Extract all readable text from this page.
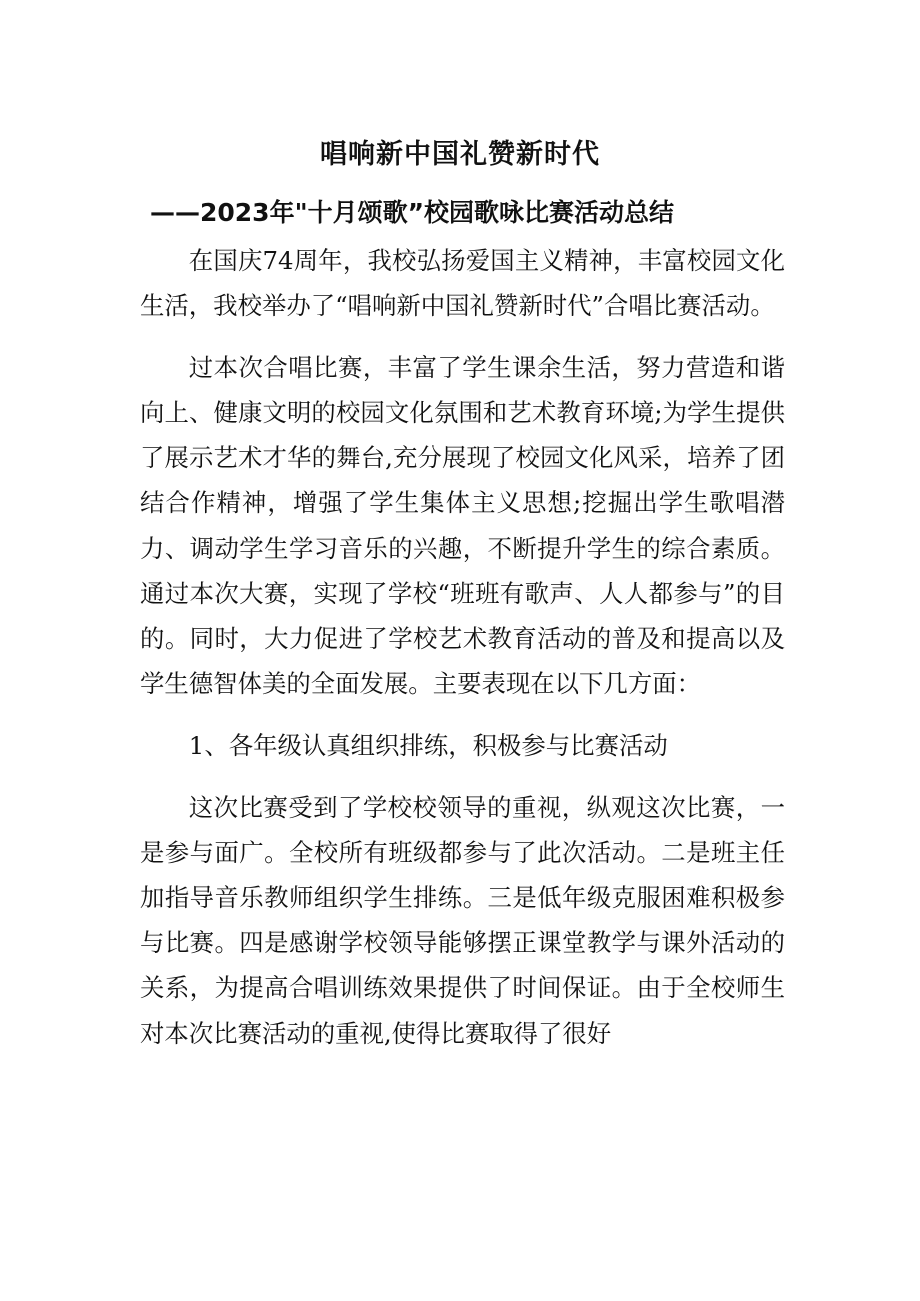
唱响新中国礼赞新时代
——2023年"十月颂歌”校园歌咏比赛活动总结

在国庆74周年，我校弘扬爱国主义精神，丰富校园文化生活，我校举办了“唱响新中国礼赞新时代”合唱比赛活动。

过本次合唱比赛，丰富了学生课余生活，努力营造和谐向上、健康文明的校园文化氛围和艺术教育环境;为学生提供了展示艺术才华的舞台,充分展现了校园文化风采，培养了团结合作精神，增强了学生集体主义思想;挖掘出学生歌唱潜力、调动学生学习音乐的兴趣，不断提升学生的综合素质。通过本次大赛，实现了学校“班班有歌声、人人都参与”的目的。同时，大力促进了学校艺术教育活动的普及和提高以及学生德智体美的全面发展。主要表现在以下几方面：

1、各年级认真组织排练，积极参与比赛活动

这次比赛受到了学校校领导的重视，纵观这次比赛，一是参与面广。全校所有班级都参与了此次活动。二是班主任加指导音乐教师组织学生排练。三是低年级克服困难积极参与比赛。四是感谢学校领导能够摆正课堂教学与课外活动的关系，为提高合唱训练效果提供了时间保证。由于全校师生对本次比赛活动的重视,使得比赛取得了很好
